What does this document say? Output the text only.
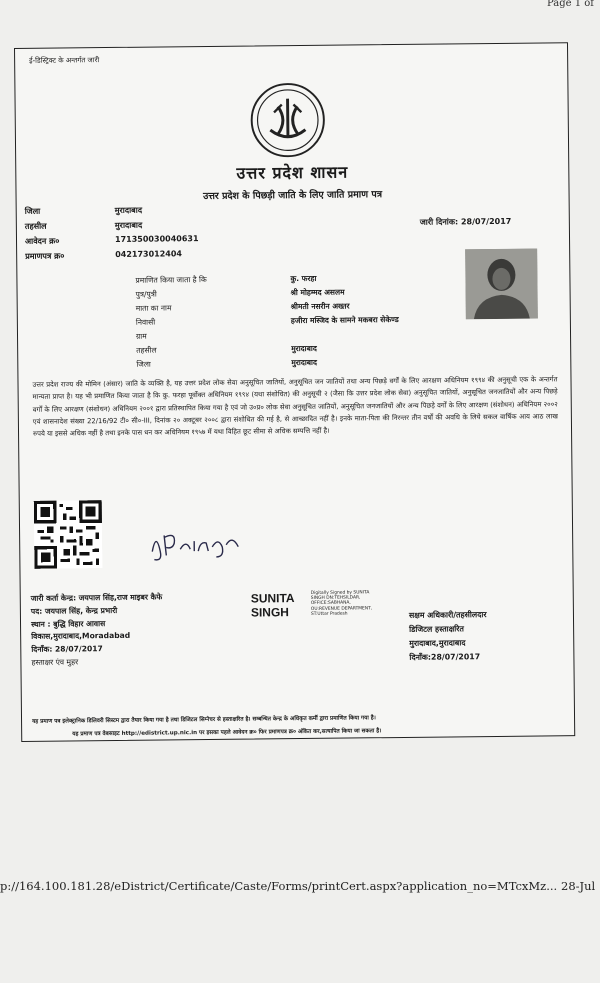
Page 1 of
ई-डिस्ट्रिक्ट के अन्तर्गत जारी
उत्तर प्रदेश शासन
उत्तर प्रदेश के पिछड़ी जाति के लिए जाति प्रमाण पत्र
जिला	मुरादाबाद
तहसील	मुरादाबाद
आवेदन क्र०	171350030040631
प्रमाणपत्र क्र०	042173012404
जारी दिनांक: 28/07/2017
प्रमाणित किया जाता है कि	कु. फरहा
पुत्र/पुत्री	श्री मोहम्मद असलम
माता का नाम	श्रीमती नसरीन अख्तर
निवासी	हजीरा मस्जिद के सामने मकबरा सेकेण्ड
ग्राम
तहसील	मुरादाबाद
जिला	मुरादाबाद
उत्तर प्रदेश राज्य की मोमिन (अंसार) जाति के व्यक्ति है, यह उत्तर प्रदेश लोक सेवा अनुसूचित जातियों, अनुसूचित जन जातियों तथा अन्य पिछड़े वर्गों के लिए आरक्षण अधिनियम १९९४ की अनुसूची एक के अन्तर्गत मान्यता प्राप्त है। यह भी प्रमाणित किया जाता है कि कु. फरहा पूर्वोक्त अधिनियम १९९४ (यथा संशोधित) की अनुसूची २ (जैसा कि उत्तर प्रदेश लोक सेवा) अनुसूचित जातियों, अनुसूचित जनजातियों और अन्य पिछड़े वर्गों के लिए आरक्षण (संशोधन) अधिनियम २००१ द्वारा प्रतिस्थापित किया गया है एवं जो उ०प्र० लोक सेवा अनुसूचित जातियों, अनुसूचित जनजातियों और अन्य पिछड़े वर्गों के लिए आरक्षण (संशोधन) अधिनियम २००२ एवं शासनादेश संख्या 22/16/92 टी० सी०-III, दिनांक २० अक्टूबर २००८ द्वारा संशोधित की गई है, से आच्छादित नहीं है। इनके माता-पिता की निरन्तर तीन वर्षों की अवधि के लिये सकल वार्षिक आय आठ लाख रुपये या इससे अधिक नहीं है तथा इनके पास धन कर अधिनियम १९५७ में यथा विहित छूट सीमा से अधिक सम्पत्ति नहीं है।
JPsingh
जारी कर्ता केन्द्र: जयपाल सिंह,राज माइबर कैफे
पद: जयपाल सिंह, केन्द्र प्रभारी
स्थान : बुद्धि विहार आवास
विकास,मुरादाबाद,Moradabad
दिनाँक: 28/07/2017
हस्ताक्षर एंव मुहर
SUNITA
SINGH
Digitally Signed by SUNITA SINGH DN:TEHSILDAR, OFFICE:SABHANA, OU:REVENUE DEPARTMENT, ST:Uttar Pradesh	सक्षम अधिकारी/तहसीलदार
डिजिटल हस्ताक्षरित
मुरादाबाद,मुरादाबाद
दिनाँक:28/07/2017
यह प्रमाण पत्र इलेक्ट्रानिक डिलिवरी सिस्टम द्वारा तैयार किया गया है तथा डिजिटल सिग्नेचर से हस्ताक्षरित है। सम्बन्धित केन्द्र के अधिकृत कर्मी द्वारा प्रमाणित किया गया है।
यह प्रमाण पत्र वेबसाइट http://edistrict.up.nic.in पर इसका पहले आवेदन क्र० फिर प्रमाणपत्र क्र० अंकित कर,सत्यापित किया जा सकता है।
p://164.100.181.28/eDistrict/Certificate/Caste/Forms/printCert.aspx?application_no=MTcxMz... 28-Jul
